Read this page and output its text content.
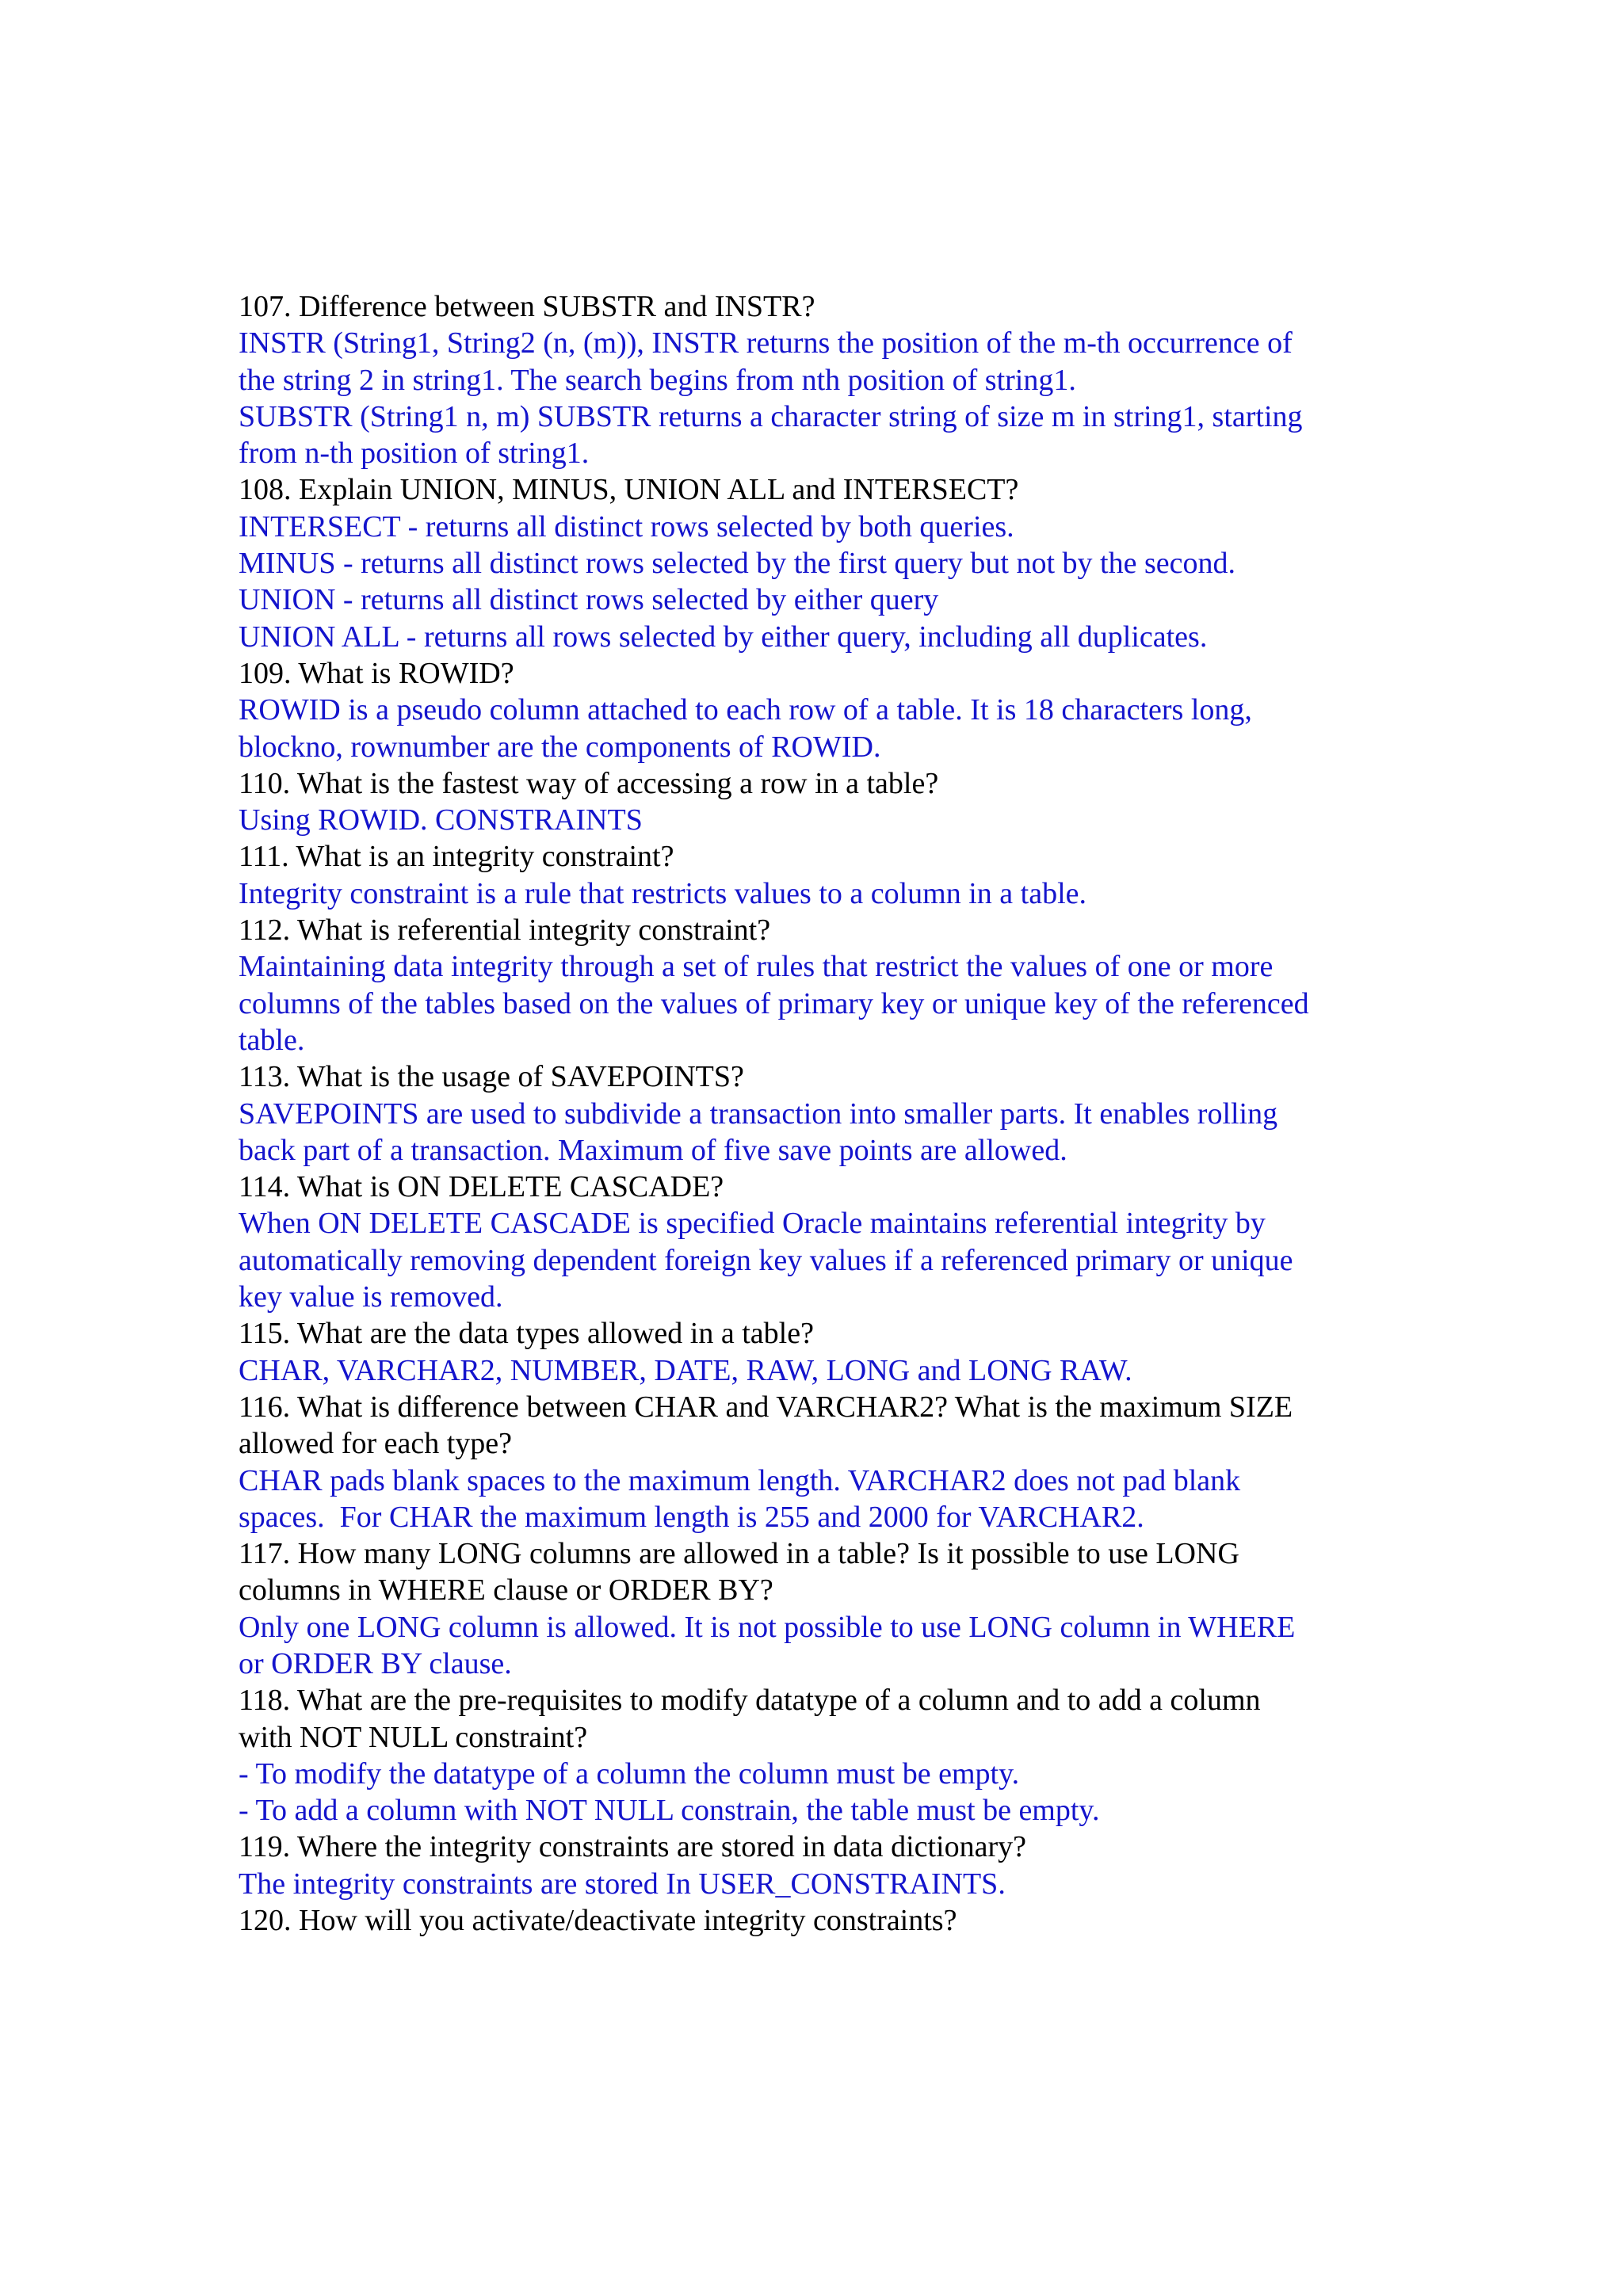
107. Difference between SUBSTR and INSTR?

INSTR (String1, String2 (n, (m)), INSTR returns the position of the m-th occurrence of

the string 2 in string1. The search begins from nth position of string1.

SUBSTR (String1 n, m) SUBSTR returns a character string of size m in string1, starting

from n-th position of string1.

108. Explain UNION, MINUS, UNION ALL and INTERSECT?

INTERSECT - returns all distinct rows selected by both queries.

MINUS - returns all distinct rows selected by the first query but not by the second.

UNION - returns all distinct rows selected by either query

UNION ALL - returns all rows selected by either query, including all duplicates.

109. What is ROWID?

ROWID is a pseudo column attached to each row of a table. It is 18 characters long,

blockno, rownumber are the components of ROWID.

110. What is the fastest way of accessing a row in a table?

Using ROWID. CONSTRAINTS

111. What is an integrity constraint?

Integrity constraint is a rule that restricts values to a column in a table.

112. What is referential integrity constraint?

Maintaining data integrity through a set of rules that restrict the values of one or more

columns of the tables based on the values of primary key or unique key of the referenced

table.

113. What is the usage of SAVEPOINTS?

SAVEPOINTS are used to subdivide a transaction into smaller parts. It enables rolling

back part of a transaction. Maximum of five save points are allowed.

114. What is ON DELETE CASCADE?

When ON DELETE CASCADE is specified Oracle maintains referential integrity by

automatically removing dependent foreign key values if a referenced primary or unique

key value is removed.

115. What are the data types allowed in a table?

CHAR, VARCHAR2, NUMBER, DATE, RAW, LONG and LONG RAW.

116. What is difference between CHAR and VARCHAR2? What is the maximum SIZE

allowed for each type?

CHAR pads blank spaces to the maximum length. VARCHAR2 does not pad blank

spaces.  For CHAR the maximum length is 255 and 2000 for VARCHAR2.

117. How many LONG columns are allowed in a table? Is it possible to use LONG

columns in WHERE clause or ORDER BY?

Only one LONG column is allowed. It is not possible to use LONG column in WHERE

or ORDER BY clause.

118. What are the pre-requisites to modify datatype of a column and to add a column

with NOT NULL constraint?

- To modify the datatype of a column the column must be empty.

- To add a column with NOT NULL constrain, the table must be empty.

119. Where the integrity constraints are stored in data dictionary?

The integrity constraints are stored In USER_CONSTRAINTS.

120. How will you activate/deactivate integrity constraints?
